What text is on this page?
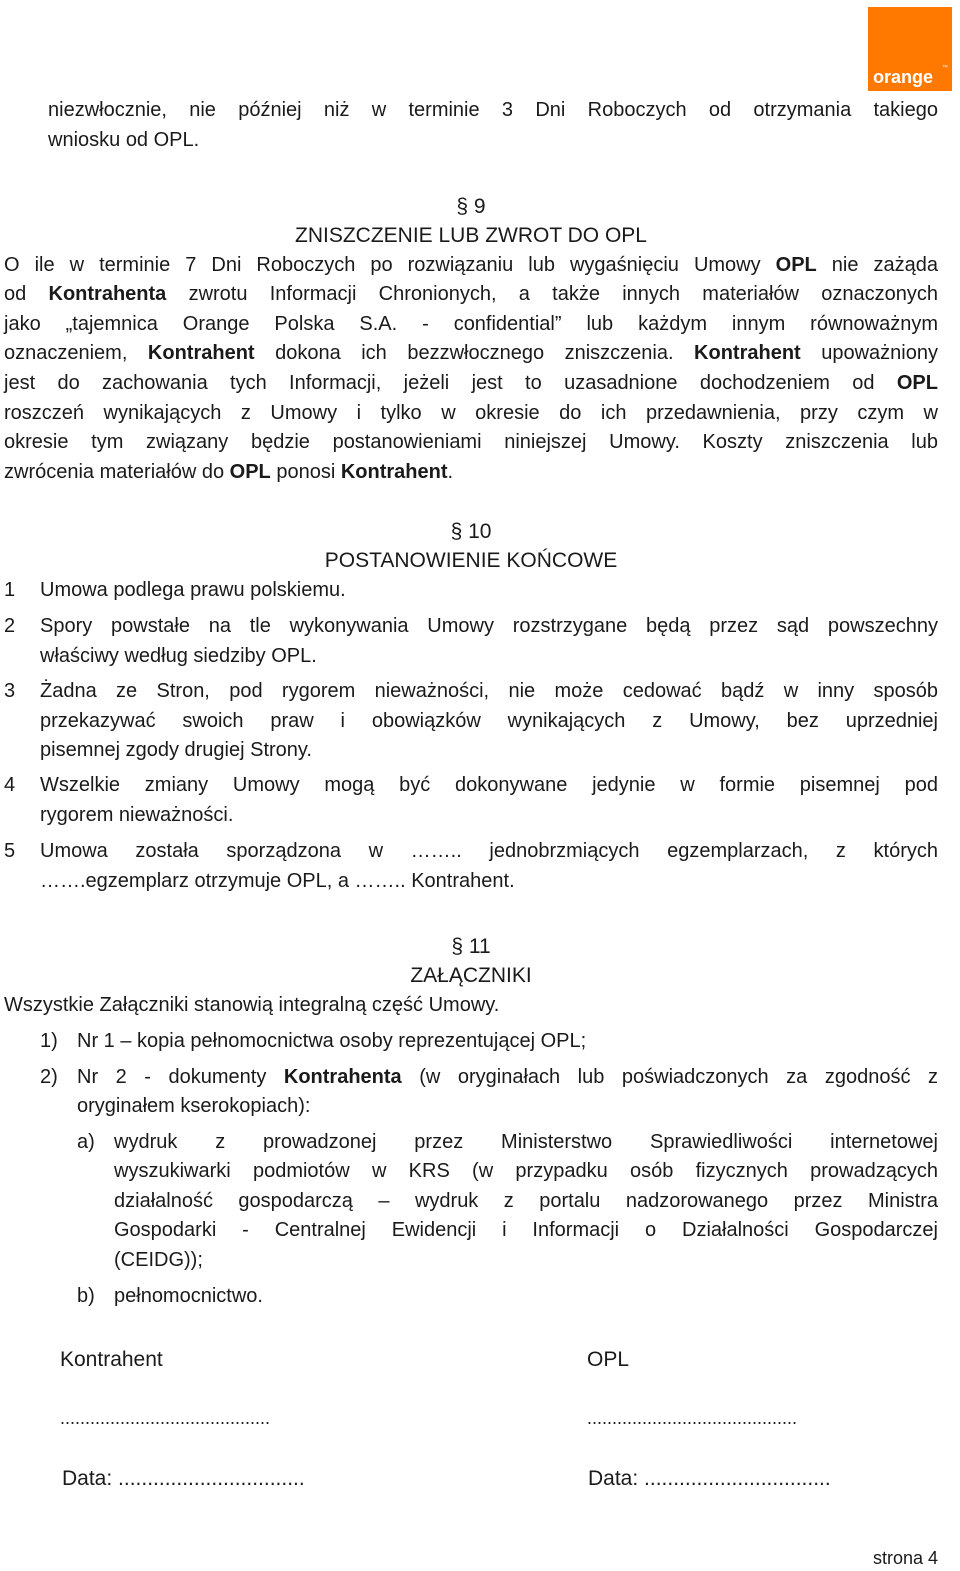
orange ™
niezwłocznie, nie później niż w terminie 3 Dni Roboczych od otrzymania takiego
wniosku od OPL.
§ 9
ZNISZCZENIE LUB ZWROT DO OPL
O ile w terminie 7 Dni Roboczych po rozwiązaniu lub wygaśnięciu Umowy OPL nie zażąda
od Kontrahenta zwrotu Informacji Chronionych, a także innych materiałów oznaczonych
jako „tajemnica Orange Polska S.A. - confidential” lub każdym innym równoważnym
oznaczeniem, Kontrahent dokona ich bezzwłocznego zniszczenia. Kontrahent upoważniony
jest do zachowania tych Informacji, jeżeli jest to uzasadnione dochodzeniem od OPL
roszczeń wynikających z Umowy i tylko w okresie do ich przedawnienia, przy czym w
okresie tym związany będzie postanowieniami niniejszej Umowy. Koszty zniszczenia lub
zwrócenia materiałów do OPL ponosi Kontrahent.
§ 10
POSTANOWIENIE KOŃCOWE
1 Umowa podlega prawu polskiemu.
2 Spory powstałe na tle wykonywania Umowy rozstrzygane będą przez sąd powszechny
właściwy według siedziby OPL.
3 Żadna ze Stron, pod rygorem nieważności, nie może cedować bądź w inny sposób
przekazywać swoich praw i obowiązków wynikających z Umowy, bez uprzedniej
pisemnej zgody drugiej Strony.
4 Wszelkie zmiany Umowy mogą być dokonywane jedynie w formie pisemnej pod
rygorem nieważności.
5 Umowa została sporządzona w …….. jednobrzmiących egzemplarzach, z których
…….egzemplarz otrzymuje OPL, a …….. Kontrahent.
§ 11
ZAŁĄCZNIKI
Wszystkie Załączniki stanowią integralną część Umowy.
1) Nr 1 – kopia pełnomocnictwa osoby reprezentującej OPL;
2) Nr 2 - dokumenty Kontrahenta (w oryginałach lub poświadczonych za zgodność z
oryginałem kserokopiach):
a) wydruk z prowadzonej przez Ministerstwo Sprawiedliwości internetowej
wyszukiwarki podmiotów w KRS (w przypadku osób fizycznych prowadzących
działalność gospodarczą – wydruk z portalu nadzorowanego przez Ministra
Gospodarki - Centralnej Ewidencji i Informacji o Działalności Gospodarczej
(CEIDG));
b) pełnomocnictwo.
Kontrahent	OPL
..........................................	..........................................
Data: ................................	Data: ................................
strona 4
